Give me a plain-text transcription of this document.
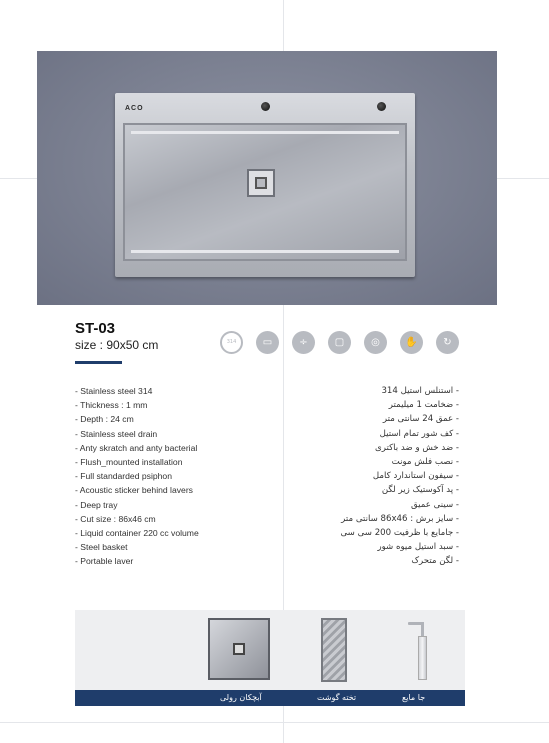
ACO
ST-03
size : 90x50 cm	314	▭	÷	▢	◎	✋	↻
- Stainless steel 314
- Thickness : 1 mm
- Depth : 24 cm
- Stainless steel drain
- Anty skratch and anty bacterial
- Flush_mounted installation
- Full standarded psiphon
- Acoustic sticker behind lavers
- Deep tray
- Cut size : 86x46 cm
- Liquid container 220 cc volume
- Steel basket
- Portable laver
- استنلس استیل 314
- ضخامت 1 میلیمتر
- عمق 24 سانتی متر
- کف شور تمام استیل
- ضد خش و ضد باکتری
- نصب فلش مونت
- سیفون استاندارد کامل
- پد آکوستیک زیر لگن
- سینی عمیق
- سایز برش : 86x46 سانتی متر
- جامایع با ظرفیت 200 سی سی
- سبد استیل میوه شور
- لگن متحرک
جا مایع
تخته گوشت
آبچکان رولی
